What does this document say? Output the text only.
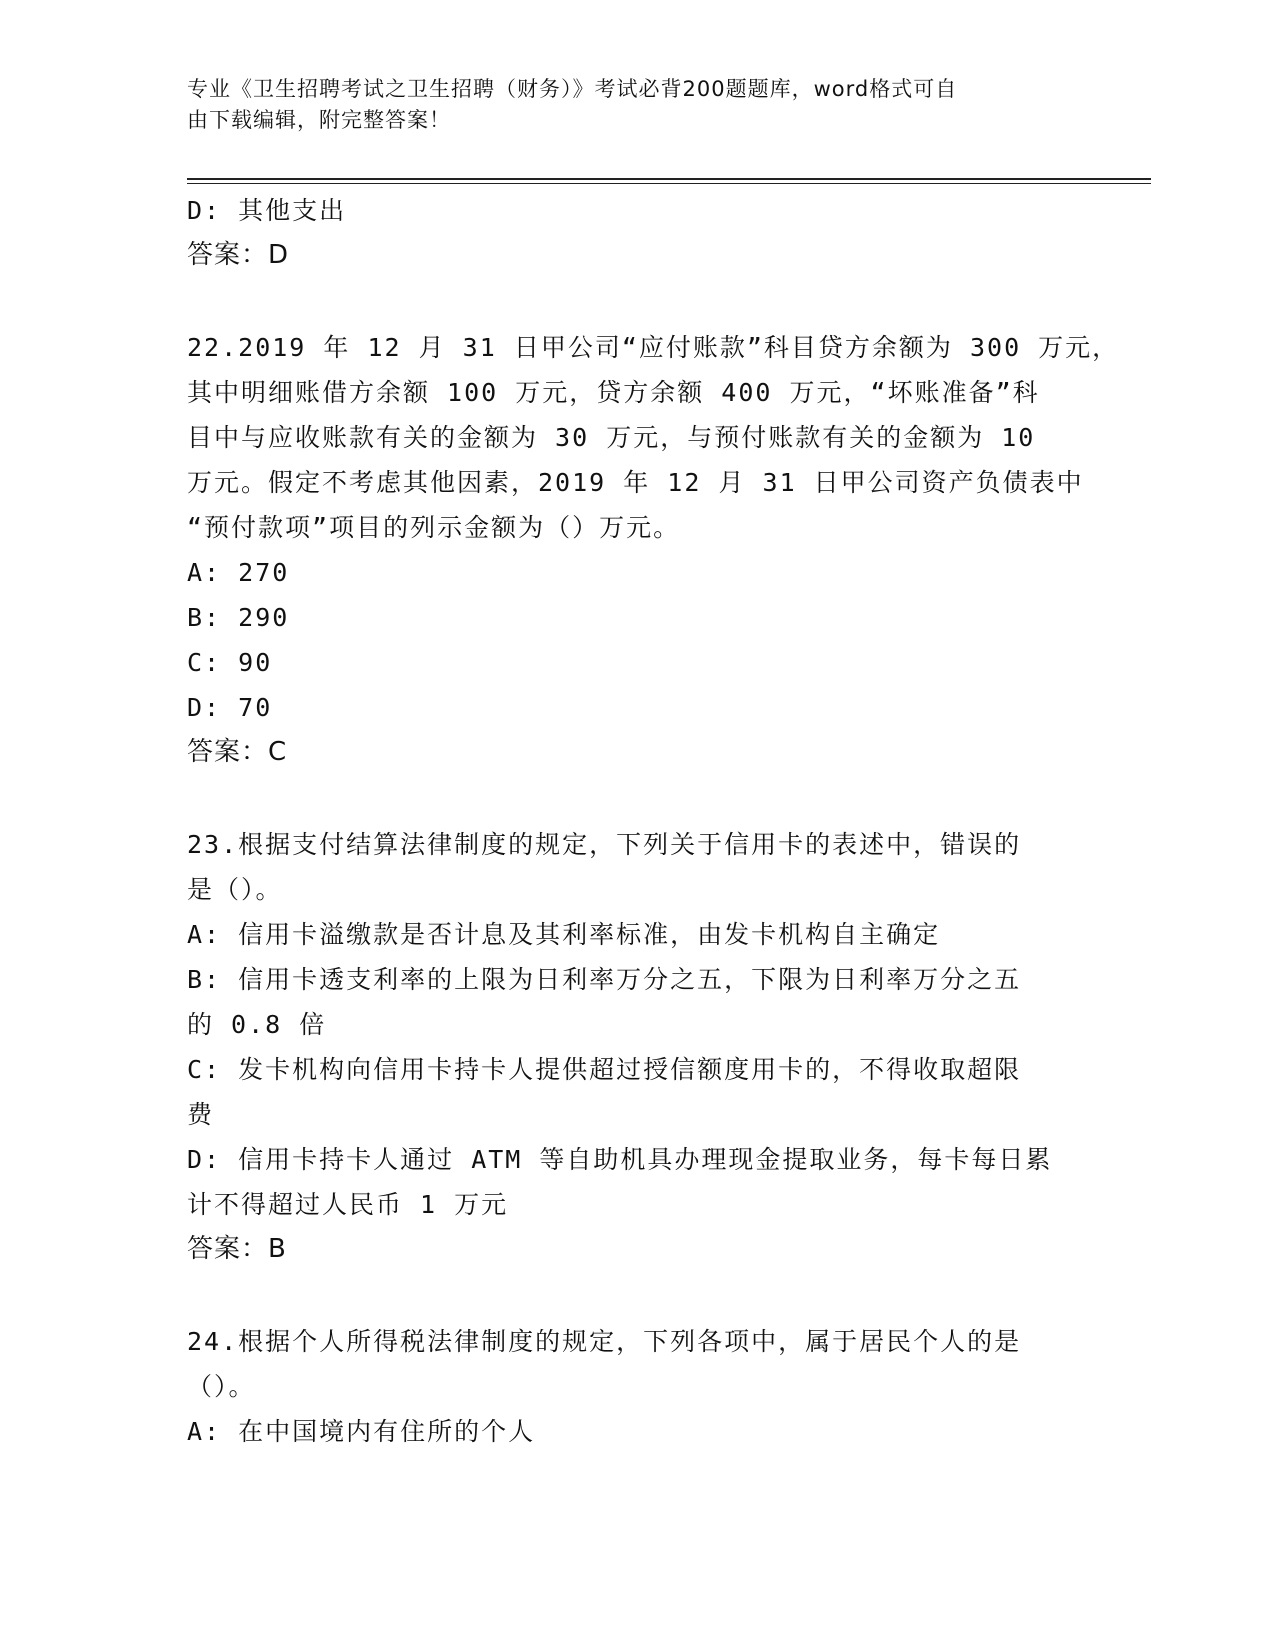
专业《卫生招聘考试之卫生招聘（财务）》考试必背200题题库，word格式可自
由下载编辑，附完整答案！
D: 其他支出
答案：D
22.2019 年 12 月 31 日甲公司“应付账款”科目贷方余额为 300 万元，
其中明细账借方余额 100 万元，贷方余额 400 万元，“坏账准备”科
目中与应收账款有关的金额为 30 万元，与预付账款有关的金额为 10
万元。假定不考虑其他因素，2019 年 12 月 31 日甲公司资产负债表中
“预付款项”项目的列示金额为（）万元。
A: 270
B: 290
C: 90
D: 70
答案：C
23.根据支付结算法律制度的规定，下列关于信用卡的表述中，错误的
是（）。
A: 信用卡溢缴款是否计息及其利率标准，由发卡机构自主确定
B: 信用卡透支利率的上限为日利率万分之五，下限为日利率万分之五
的 0.8 倍
C: 发卡机构向信用卡持卡人提供超过授信额度用卡的，不得收取超限
费
D: 信用卡持卡人通过 ATM 等自助机具办理现金提取业务，每卡每日累
计不得超过人民币 1 万元
答案：B
24.根据个人所得税法律制度的规定，下列各项中，属于居民个人的是
（）。
A: 在中国境内有住所的个人
